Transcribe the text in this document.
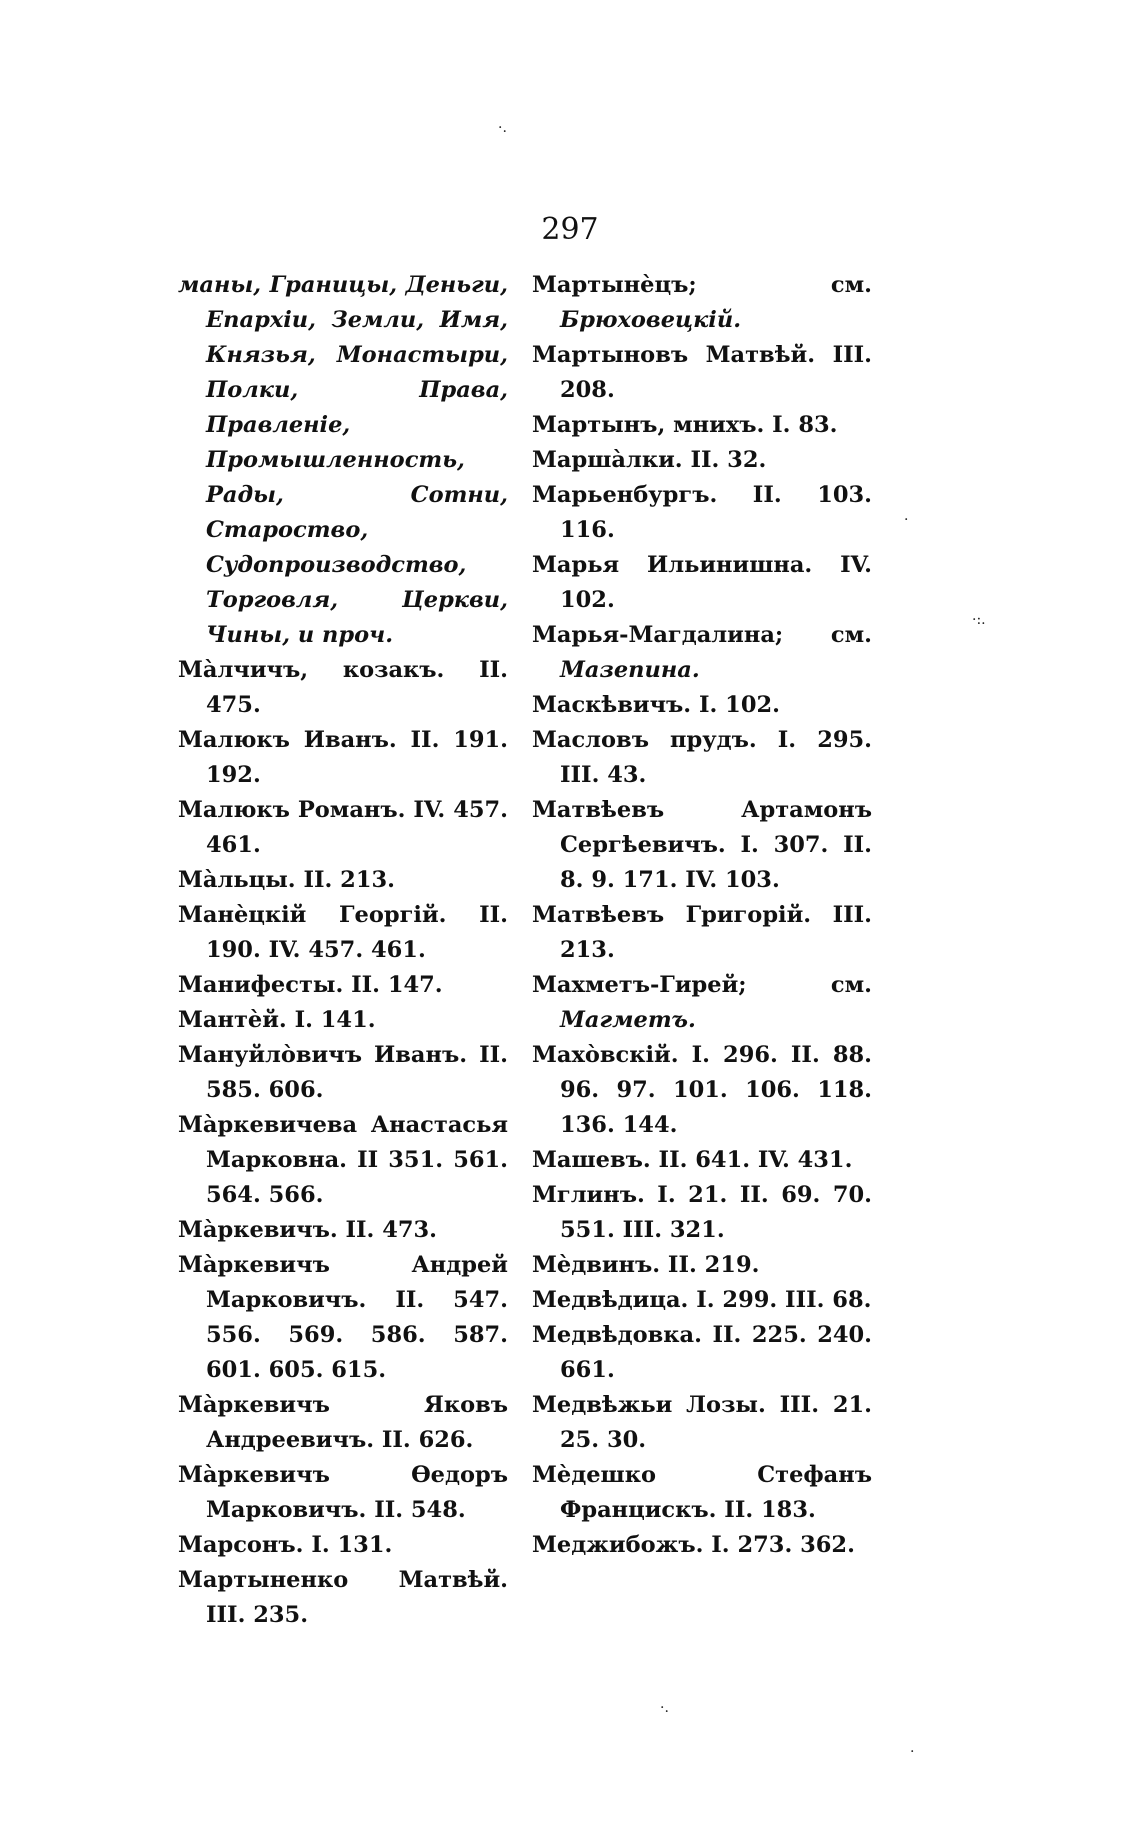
297
маны, Границы, Деньги, Епархіи, Земли, Имя, Князья, Монастыри, Полки, Права, Правленіе, Промышленность, Рады, Сотни, Староство, Судопроизводство, Торговля, Церкви, Чины, и проч.
Мàлчичъ, козакъ. II. 475.
Малюкъ Иванъ. II. 191. 192.
Малюкъ Романъ. IV. 457. 461.
Мàльцы. II. 213.
Манѐцкій Георгій. II. 190. IV. 457. 461.
Манифесты. II. 147.
Мантѐй. I. 141.
Мануйлòвичъ Иванъ. II. 585. 606.
Мàркевичева Анастасья Марковна. II 351. 561. 564. 566.
Мàркевичъ. II. 473.
Мàркевичъ Андрей Марковичъ. II. 547. 556. 569. 586. 587. 601. 605. 615.
Мàркевичъ Яковъ Андреевичъ. II. 626.
Мàркевичъ Ѳедоръ Марковичъ. II. 548.
Марсонъ. I. 131.
Мартыненко Матвѣй. III. 235.
Мартынѐцъ; см. Брюховецкій.
Мартыновъ Матвѣй. III. 208.
Мартынъ, мнихъ. I. 83.
Маршàлки. II. 32.
Марьенбургъ. II. 103. 116.
Марья Ильинишна. IV. 102.
Марья-Магдалина; см. Мазепина.
Маскѣвичъ. I. 102.
Масловъ прудъ. I. 295. III. 43.
Матвѣевъ Артамонъ Сергѣевичъ. I. 307. II. 8. 9. 171. IV. 103.
Матвѣевъ Григорій. III. 213.
Махметъ-Гирей; см. Магметъ.
Махòвскій. I. 296. II. 88. 96. 97. 101. 106. 118. 136. 144.
Машевъ. II. 641. IV. 431.
Мглинъ. I. 21. II. 69. 70. 551. III. 321.
Мѐдвинъ. II. 219.
Медвѣдица. I. 299. III. 68.
Медвѣдовка. II. 225. 240. 661.
Медвѣжьи Лозы. III. 21. 25. 30.
Мѐдешко Стефанъ Францискъ. II. 183.
Меджибожъ. I. 273. 362.
·.
·
·:.
·.
.
